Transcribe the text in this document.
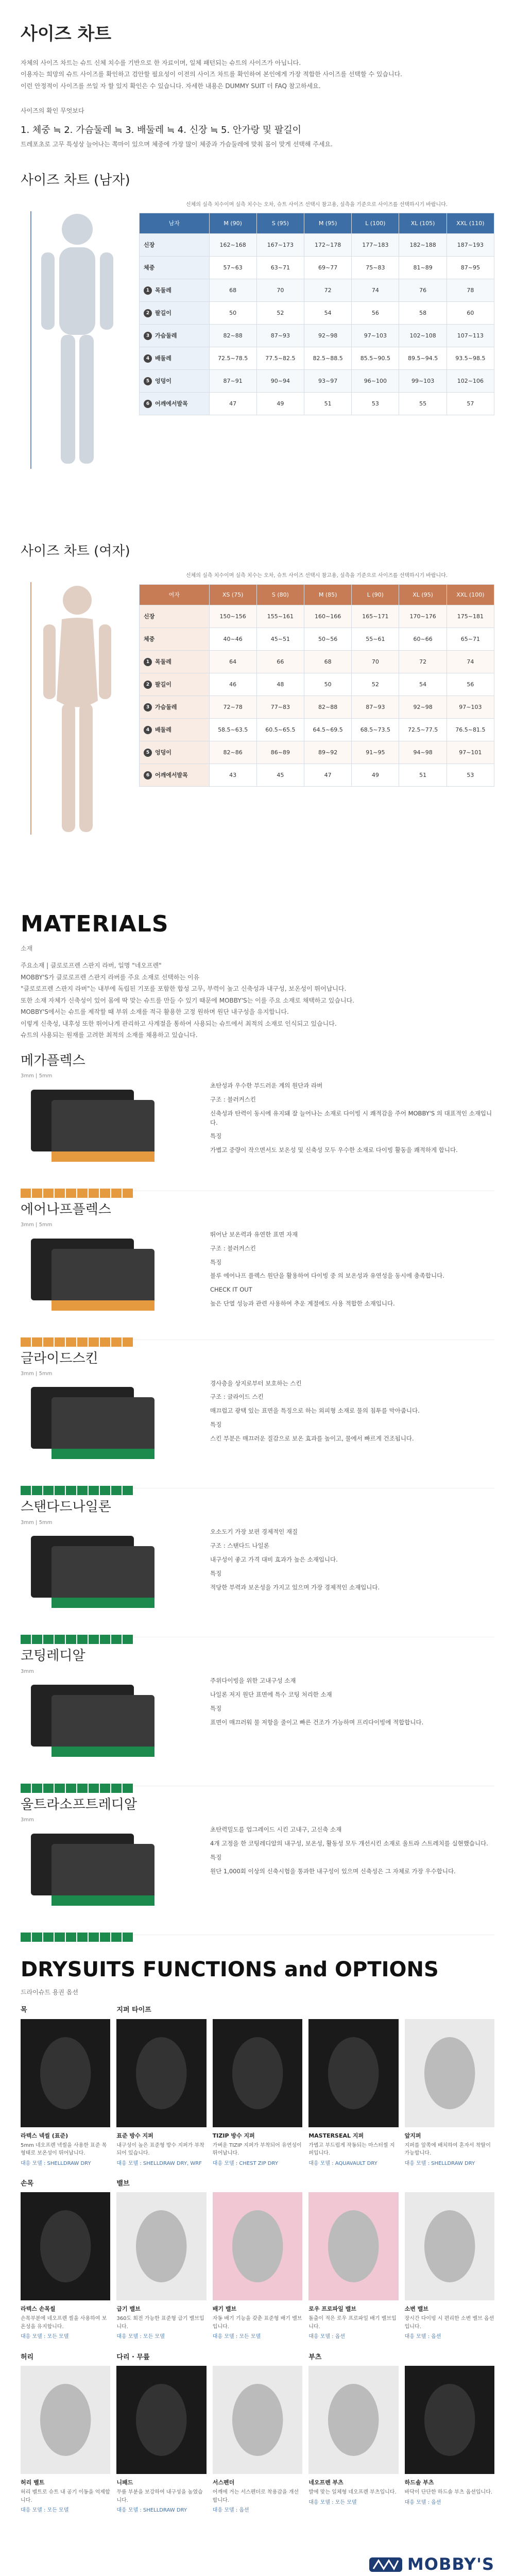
사이즈 차트

자체의 사이즈 차트는 슈트 신체 치수를 기반으로 한 자료이며, 일체 패턴되는 슈트의 사이즈가 아닙니다.

이용자는 희망의 슈트 사이즈를 확인하고 검안할 필요성이 이전의 사이즈 차트를 확인하여 본인에게 가장 적합한 사이즈를 선택할 수 있습니다.

이런 안정적이 사이즈를 쓰일 자 할 있지 확인은 수 있습니다. 자세한 내용은 DUMMY SUIT 더 FAQ 참고하세요.

사이즈의 확인 무엇보다

1. 체중 ≒ 2. 가슴둘레 ≒ 3. 배둘레 ≒ 4. 신장 ≒ 5. 안가랑 및 팔길이

트레포초로 고무 특성상 늘어나는 쪽마이 있으며 체중에 가장 많이 체중과 가슴둘레에 맞춰 몸이 맞게 선택해 주세요.

사이즈 차트 (남자)

신체의 실측 치수이며 실측 치수는 오차, 슈트 사이즈 선택시 참고용, 실측을 기준으로 사이즈를 선택하시기 바랍니다.

남자	M (90)	S (95)	M (95)	L (100)	XL (105)	XXL (110)
신장	162~168	167~173	172~178	177~183	182~188	187~193
체중	57~63	63~71	69~77	75~83	81~89	87~95
1 목둘레	68	70	72	74	76	78
2 팔길이	50	52	54	56	58	60
3 가슴둘레	82~88	87~93	92~98	97~103	102~108	107~113
4 배둘레	72.5~78.5	77.5~82.5	82.5~88.5	85.5~90.5	89.5~94.5	93.5~98.5
5 엉덩이	87~91	90~94	93~97	96~100	99~103	102~106
6 어깨에서발목	47	49	51	53	55	57
사이즈 차트 (여자)

신체의 실측 치수이며 실측 치수는 오차, 슈트 사이즈 선택시 참고용, 실측을 기준으로 사이즈를 선택하시기 바랍니다.

여자	XS (75)	S (80)	M (85)	L (90)	XL (95)	XXL (100)
신장	150~156	155~161	160~166	165~171	170~176	175~181
체중	40~46	45~51	50~56	55~61	60~66	65~71
1 목둘레	64	66	68	70	72	74
2 팔길이	46	48	50	52	54	56
3 가슴둘레	72~78	77~83	82~88	87~93	92~98	97~103
4 배둘레	58.5~63.5	60.5~65.5	64.5~69.5	68.5~73.5	72.5~77.5	76.5~81.5
5 엉덩이	82~86	86~89	89~92	91~95	94~98	97~101
6 어깨에서발목	43	45	47	49	51	53
MATERIALS

소재

주요소재 | 클로로프렌 스판지 라버, 일명 "네오프렌"

MOBBY'S가 클로로프렌 스판지 라버를 주요 소재로 선택하는 이유

"클로로프렌 스판지 라버"는 내부에 독립된 기포를 포함한 합성 고무, 부력이 높고 신축성과 내구성, 보온성이 뛰어납니다.

또한 소재 자체가 신축성이 있어 몸에 딱 맞는 슈트를 만들 수 있기 때문에 MOBBY'S는 이를 주요 소재로 채택하고 있습니다.

MOBBY'S에서는 슈트를 제작할 때 부위 소재를 적극 활용한 고정 원하며 원단 내구성을 유지합니다.

이렇게 신축성, 내후성 또한 뛰어나게 관리하고 사계절을 통하여 사용되는 슈트에서 최적의 소재로 인식되고 있습니다.

슈트의 사용되는 원재를 고려한 최적의 소재를 채용하고 있습니다.

메가플렉스
3mm | 5mm

초탄성과 우수한 부드러운 계의 원단과 라버

구조 : 블러커스킨

신축성과 탄력이 동시에 유지돼 잘 늘어나는 소재로 다이빙 시 쾌적감을 주어 MOBBY'S 의 대표적인 소재입니다.

특징

가볍고 중량이 작으면서도 보온성 및 신축성 모두 우수한 소재로 다이빙 활동을 쾌적하게 합니다.

에어나프플렉스
3mm | 5mm

뛰어난 보온력과 유연한 표면 자재

구조 : 블러커스킨

특징

블루 에어나프 플렉스 원단을 활용하여 다이빙 중 의 보온성과 유연성을 동시에 충족합니다.

CHECK IT OUT

높은 단열 성능과 관련 사용하여 추운 계절에도 사용 적합한 소재입니다.

글라이드스킨
3mm | 5mm

경사층을 상지로부터 보호하는 스킨

구조 : 글라이드 스킨

매끄럽고 광택 있는 표면을 특징으로 하는 외피형 소재로 물의 침투를 막아줍니다.

특징

스킨 부분은 매끄러운 질감으로 보온 효과를 높이고, 물에서 빠르게 건조됩니다.

스탠다드나일론
3mm | 5mm

오소도기 가장 보편 경제적인 재질

구조 : 스탠다드 나일론

내구성이 좋고 가격 대비 효과가 높은 소재입니다.

특징

적당한 부력과 보온성을 가지고 있으며 가장 경제적인 소재입니다.

코팅레디알
3mm

주위다이빙을 위한 고내구성 소재

나일론 저지 원단 표면에 특수 코팅 처리한 소재

특징

표면이 매끄러워 물 저항을 줄이고 빠른 건조가 가능하며 프리다이빙에 적합합니다.

울트라소프트레디알
3mm

초탄력밀도를 업그레이드 시킨 고내구, 고신축 소재

4개 고정을 한 코팅레디알의 내구성, 보온성, 활동성 모두 개선시킨 소재로 울트라 스트레치를 실현했습니다.

특징

원단 1,000회 이상의 신축시험을 통과한 내구성이 있으며 신축성은 그 자체로 가장 우수합니다.

DRYSUITS FUNCTIONS and OPTIONS

드라이슈트 용권 옵션

목
라텍스 넥씰 (표준)
5mm 네오프렌 넥씰을 사용한 표준 목 형태로 보온성이 뛰어납니다.
대응 모델 : SHELLDRAW DRY
지퍼 타이프
표준 방수 지퍼
내구성이 높은 표준형 방수 지퍼가 부착되어 있습니다.
대응 모델 : SHELLDRAW DRY, WRF

TIZIP 방수 지퍼
가벼운 TIZIP 지퍼가 부착되어 유연성이 뛰어납니다.
대응 모델 : CHEST ZIP DRY

MASTERSEAL 지퍼
가볍고 부드럽게 작동되는 마스터씰 지퍼입니다.
대응 모델 : AQUAVAULT DRY

앞지퍼
지퍼를 앞쪽에 배치하여 혼자서 착탈이 가능합니다.
대응 모델 : SHELLDRAW DRY
손목
라텍스 손목씰
손목부분에 네오프렌 씰을 사용하여 보온성을 유지합니다.
대응 모델 : 모든 모델
밸브
급기 밸브
360도 회전 가능한 표준형 급기 밸브입니다.
대응 모델 : 모든 모델

배기 밸브
자동 배기 기능을 갖춘 표준형 배기 밸브입니다.
대응 모델 : 모든 모델

로우 프로파일 밸브
돌출이 적은 로우 프로파일 배기 밸브입니다.
대응 모델 : 옵션

소변 밸브
장시간 다이빙 시 편리한 소변 밸브 옵션입니다.
대응 모델 : 옵션
허리
허리 벨트
허리 벨트로 슈트 내 공기 이동을 억제합니다.
대응 모델 : 모든 모델
다리 · 무릎
니패드
무릎 부분을 보강하여 내구성을 높였습니다.
대응 모델 : SHELLDRAW DRY

서스펜더
어깨에 거는 서스펜더로 착용감을 개선합니다.
대응 모델 : 옵션
부츠
네오프렌 부츠
발에 맞는 일체형 네오프렌 부츠입니다.
대응 모델 : 모든 모델

하드솔 부츠
바닥이 단단한 하드솔 부츠 옵션입니다.
대응 모델 : 옵션
MOBBY'S
